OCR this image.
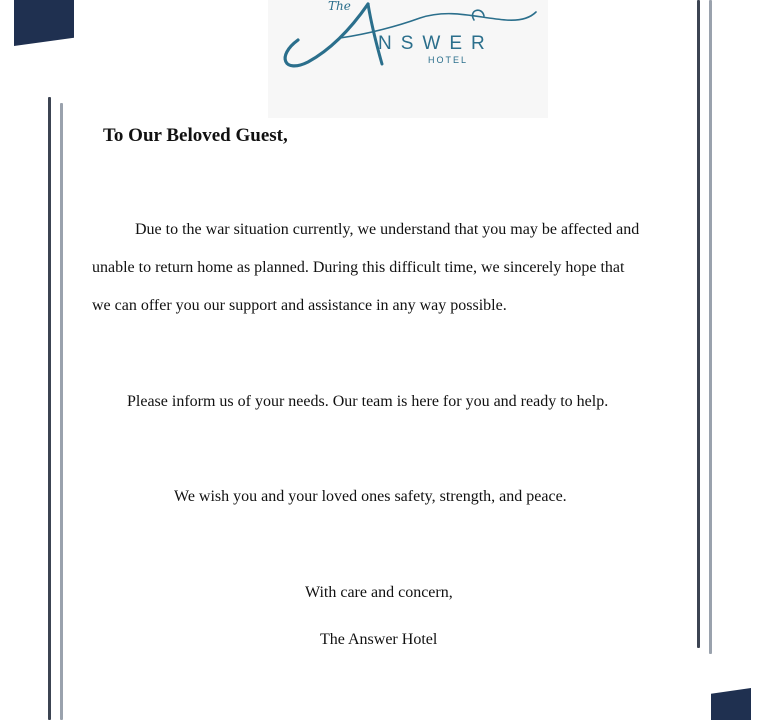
The
NSWER
HOTEL
To Our Beloved Guest,
Due to the war situation currently, we understand that you may be affected and
unable to return home as planned. During this difficult time, we sincerely hope that
we can offer you our support and assistance in any way possible.
Please inform us of your needs. Our team is here for you and ready to help.
We wish you and your loved ones safety, strength, and peace.
With care and concern,
The Answer Hotel
